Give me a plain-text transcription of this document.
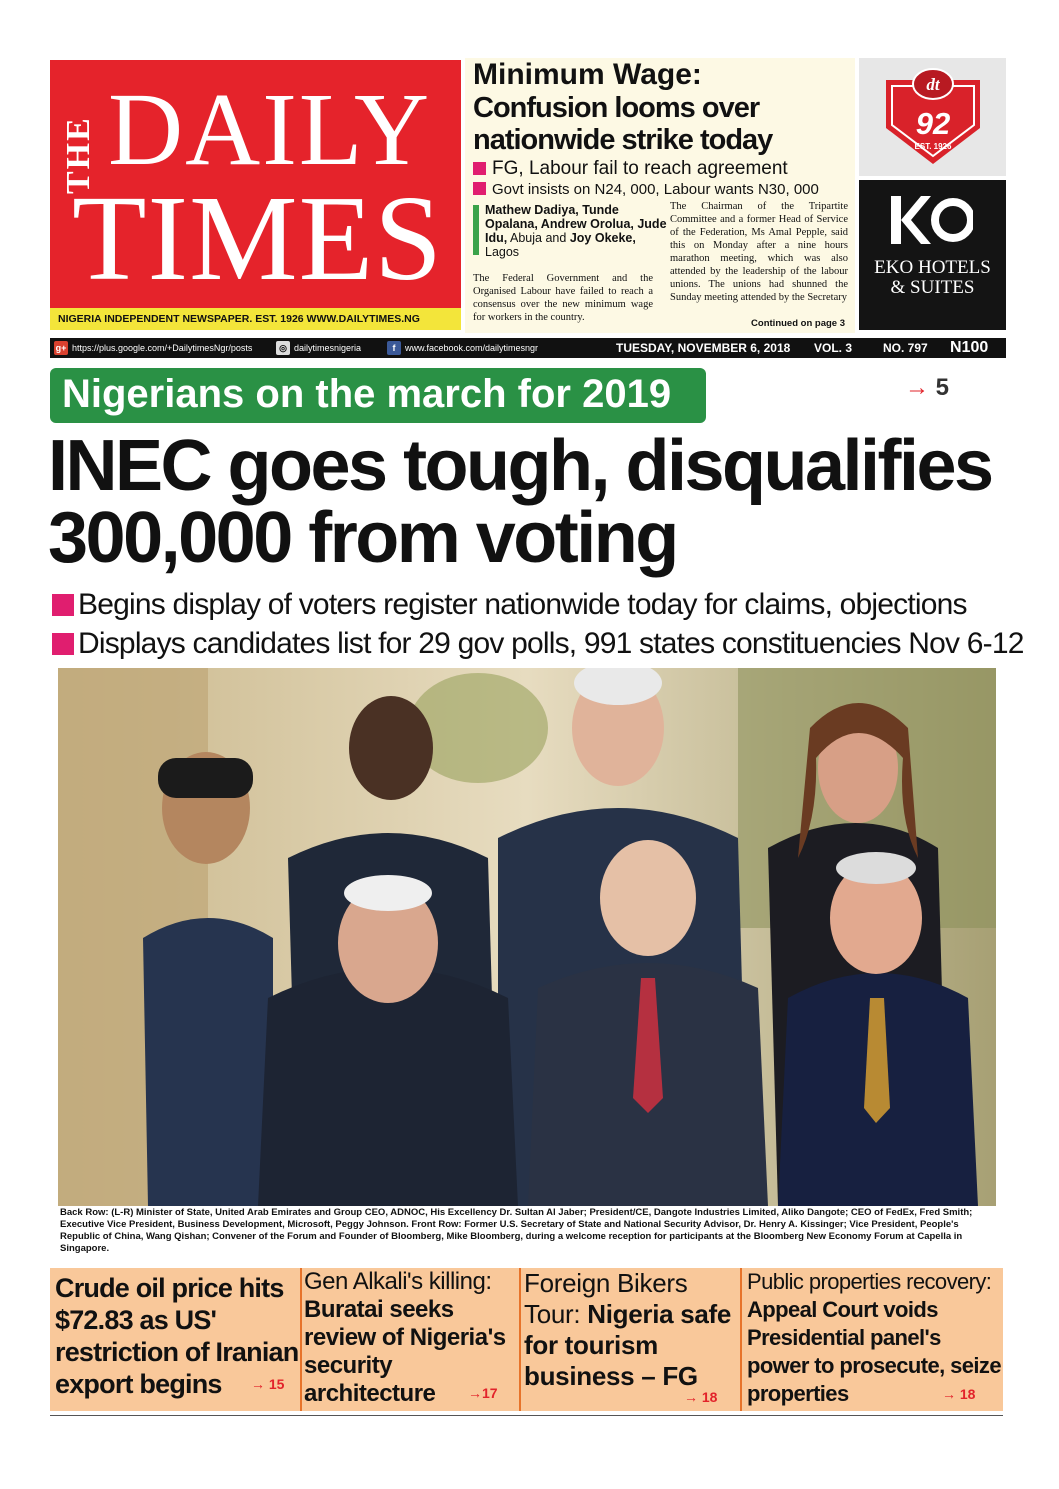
THE DAILY
TIMES
NIGERIA INDEPENDENT NEWSPAPER. EST. 1926 WWW.DAILYTIMES.NG
Minimum Wage:
Confusion looms over nationwide strike today
FG, Labour fail to reach agreement
Govt insists on N24, 000, Labour wants N30, 000
Mathew Dadiya, Tunde Opalana, Andrew Orolua, Jude Idu, Abuja and Joy Okeke, Lagos
The Federal Government and the Organised Labour have failed to reach a consensus over the new minimum wage for workers in the country.
The Chairman of the Tripartite Committee and a former Head of Service of the Federation, Ms Amal Pepple, said this on Monday after a nine hours marathon meeting, which was also attended by the leadership of the labour unions. The unions had shunned the Sunday meeting attended by the Secretary
Continued on page 3
dt
92
EST. 1926
EKO HOTELS
& SUITES
g+ https://plus.google.com/+DailytimesNgr/posts	◎ dailytimesnigeria	f	www.facebook.com/dailytimesngr	TUESDAY, NOVEMBER 6, 2018 VOL. 3	NO. 797 N100
Nigerians on the march for 2019	→ 5
INEC goes tough, disqualifies
300,000 from voting
Begins display of voters register nationwide today for claims, objections
Displays candidates list for 29 gov polls, 991 states constituencies Nov 6-12
Back Row: (L-R) Minister of State, United Arab Emirates and Group CEO, ADNOC, His Excellency Dr. Sultan Al Jaber; President/CE, Dangote Industries Limited, Aliko Dangote; CEO of FedEx, Fred Smith; Executive Vice President, Business Development, Microsoft, Peggy Johnson. Front Row: Former U.S. Secretary of State and National Security Advisor, Dr. Henry A. Kissinger; Vice President, People's Republic of China, Wang Qishan; Convener of the Forum and Founder of Bloomberg, Mike Bloomberg, during a welcome reception for participants at the Bloomberg New Economy Forum at Capella in Singapore.
Crude oil price hits $72.83 as US' restriction of Iranian export begins	→ 15
Gen Alkali's killing: Buratai seeks review of Nigeria's security architecture	→17
Foreign Bikers Tour: Nigeria safe for tourism business – FG
→ 18
Public properties recovery: Appeal Court voids Presidential panel's power to prosecute, seize properties	→ 18
